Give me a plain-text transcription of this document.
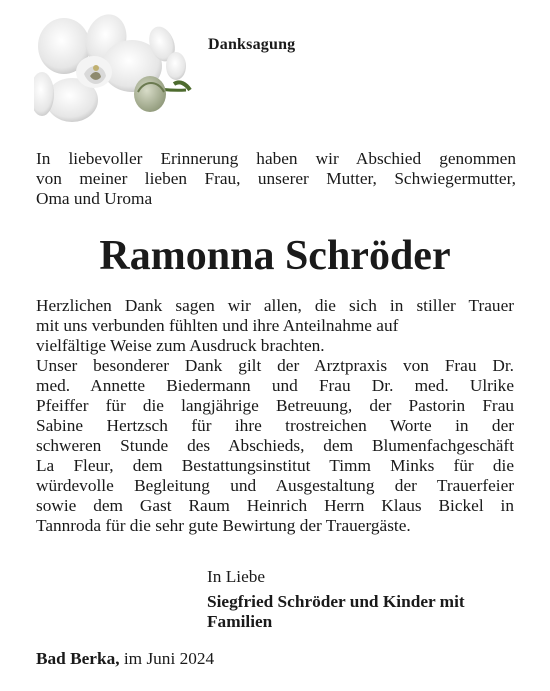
Danksagung

In liebevoller Erinnerung haben wir Abschied genommen
von meiner lieben Frau, unserer Mutter, Schwiegermutter,
Oma und Uroma

Ramonna Schröder

Herzlichen Dank sagen wir allen, die sich in stiller Trauer
mit uns verbunden fühlten und ihre Anteilnahme auf
vielfältige Weise zum Ausdruck brachten.
Unser besonderer Dank gilt der Arztpraxis von Frau Dr.
med. Annette Biedermann und Frau Dr. med. Ulrike
Pfeiffer für die langjährige Betreuung, der Pastorin Frau
Sabine Hertzsch für ihre trostreichen Worte in der
schweren Stunde des Abschieds, dem Blumenfachgeschäft
La Fleur, dem Bestattungsinstitut Timm Minks für die
würdevolle Begleitung und Ausgestaltung der Trauerfeier
sowie dem Gast Raum Heinrich Herrn Klaus Bickel in
Tannroda für die sehr gute Bewirtung der Trauergäste.

In Liebe
Siegfried Schröder und Kinder mit
Familien
Bad Berka, im Juni 2024
